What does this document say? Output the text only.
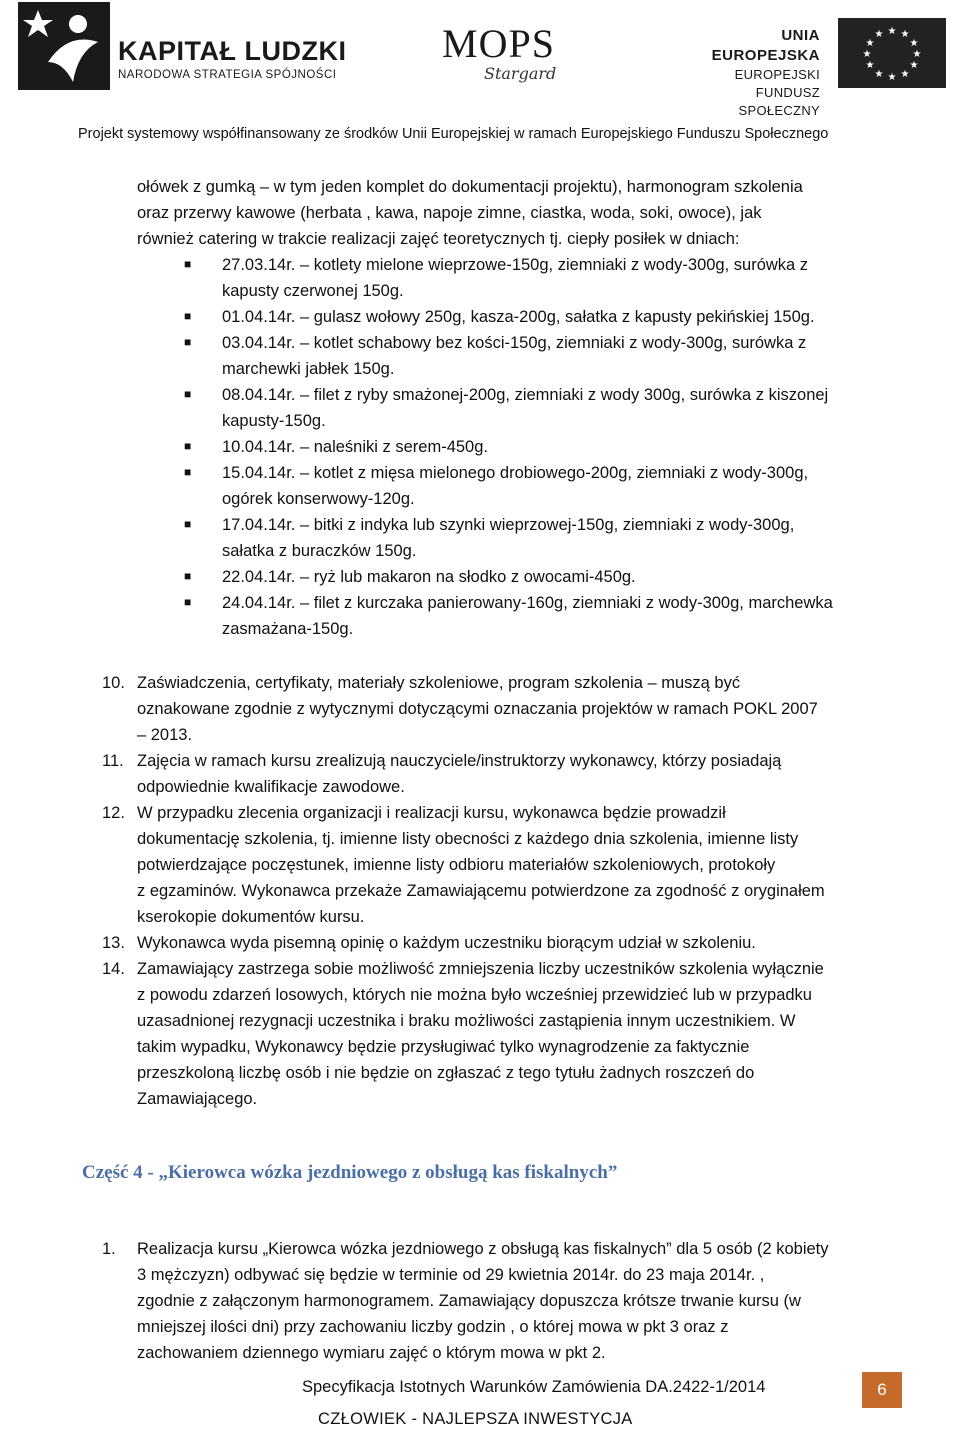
KAPITAŁ LUDZKI
NARODOWA STRATEGIA SPÓJNOŚCI
MOPS
Stargard
UNIA EUROPEJSKA
EUROPEJSKI
FUNDUSZ SPOŁECZNY
★ ★
★
★
★
★
★
★
★
★
★
★
Projekt systemowy współfinansowany ze środków Unii Europejskiej w ramach Europejskiego Funduszu Społecznego
ołówek z gumką – w tym jeden komplet do dokumentacji projektu), harmonogram szkolenia
oraz przerwy kawowe (herbata , kawa, napoje zimne, ciastka, woda, soki, owoce), jak
również catering w trakcie realizacji zajęć teoretycznych tj. ciepły posiłek w dniach:
■ 27.03.14r. – kotlety mielone wieprzowe-150g, ziemniaki z wody-300g, surówka z
kapusty czerwonej 150g.
■ 01.04.14r. – gulasz wołowy 250g, kasza-200g, sałatka z kapusty pekińskiej 150g.
■ 03.04.14r. – kotlet schabowy bez kości-150g, ziemniaki z wody-300g, surówka z
marchewki jabłek 150g.
■ 08.04.14r. – filet z ryby smażonej-200g, ziemniaki z wody 300g, surówka z kiszonej
kapusty-150g.
■ 10.04.14r. – naleśniki z serem-450g.
■ 15.04.14r. – kotlet z mięsa mielonego drobiowego-200g, ziemniaki z wody-300g,
ogórek konserwowy-120g.
■ 17.04.14r. – bitki z indyka lub szynki wieprzowej-150g, ziemniaki z wody-300g,
sałatka z buraczków 150g.
■ 22.04.14r. – ryż lub makaron na słodko z owocami-450g.
■ 24.04.14r. – filet z kurczaka panierowany-160g, ziemniaki z wody-300g, marchewka
zasmażana-150g.
10. Zaświadczenia, certyfikaty, materiały szkoleniowe, program szkolenia – muszą być
oznakowane zgodnie z wytycznymi dotyczącymi oznaczania projektów w ramach POKL 2007
– 2013.
11. Zajęcia w ramach kursu zrealizują nauczyciele/instruktorzy wykonawcy, którzy posiadają
odpowiednie kwalifikacje zawodowe.
12. W przypadku zlecenia organizacji i realizacji kursu, wykonawca będzie prowadził
dokumentację szkolenia, tj. imienne listy obecności z każdego dnia szkolenia, imienne listy
potwierdzające poczęstunek, imienne listy odbioru materiałów szkoleniowych, protokoły
z egzaminów. Wykonawca przekaże Zamawiającemu potwierdzone za zgodność z oryginałem
kserokopie dokumentów kursu.
13. Wykonawca wyda pisemną opinię o każdym uczestniku biorącym udział w szkoleniu.
14. Zamawiający zastrzega sobie możliwość zmniejszenia liczby uczestników szkolenia wyłącznie
z powodu zdarzeń losowych, których nie można było wcześniej przewidzieć lub w przypadku
uzasadnionej rezygnacji uczestnika i braku możliwości zastąpienia innym uczestnikiem. W
takim wypadku, Wykonawcy będzie przysługiwać tylko wynagrodzenie za faktycznie
przeszkoloną liczbę osób i nie będzie on zgłaszać z tego tytułu żadnych roszczeń do
Zamawiającego.
Część 4 - „Kierowca wózka jezdniowego z obsługą kas fiskalnych”
1. Realizacja kursu „Kierowca wózka jezdniowego z obsługą kas fiskalnych” dla 5 osób (2 kobiety
3 mężczyzn) odbywać się będzie w terminie od 29 kwietnia 2014r. do 23 maja 2014r. ,
zgodnie z załączonym harmonogramem. Zamawiający dopuszcza krótsze trwanie kursu (w
mniejszej ilości dni) przy zachowaniu liczby godzin , o której mowa w pkt 3 oraz z
zachowaniem dziennego wymiaru zajęć o którym mowa w pkt 2.
Specyfikacja Istotnych Warunków Zamówienia DA.2422-1/2014	6
CZŁOWIEK - NAJLEPSZA INWESTYCJA
